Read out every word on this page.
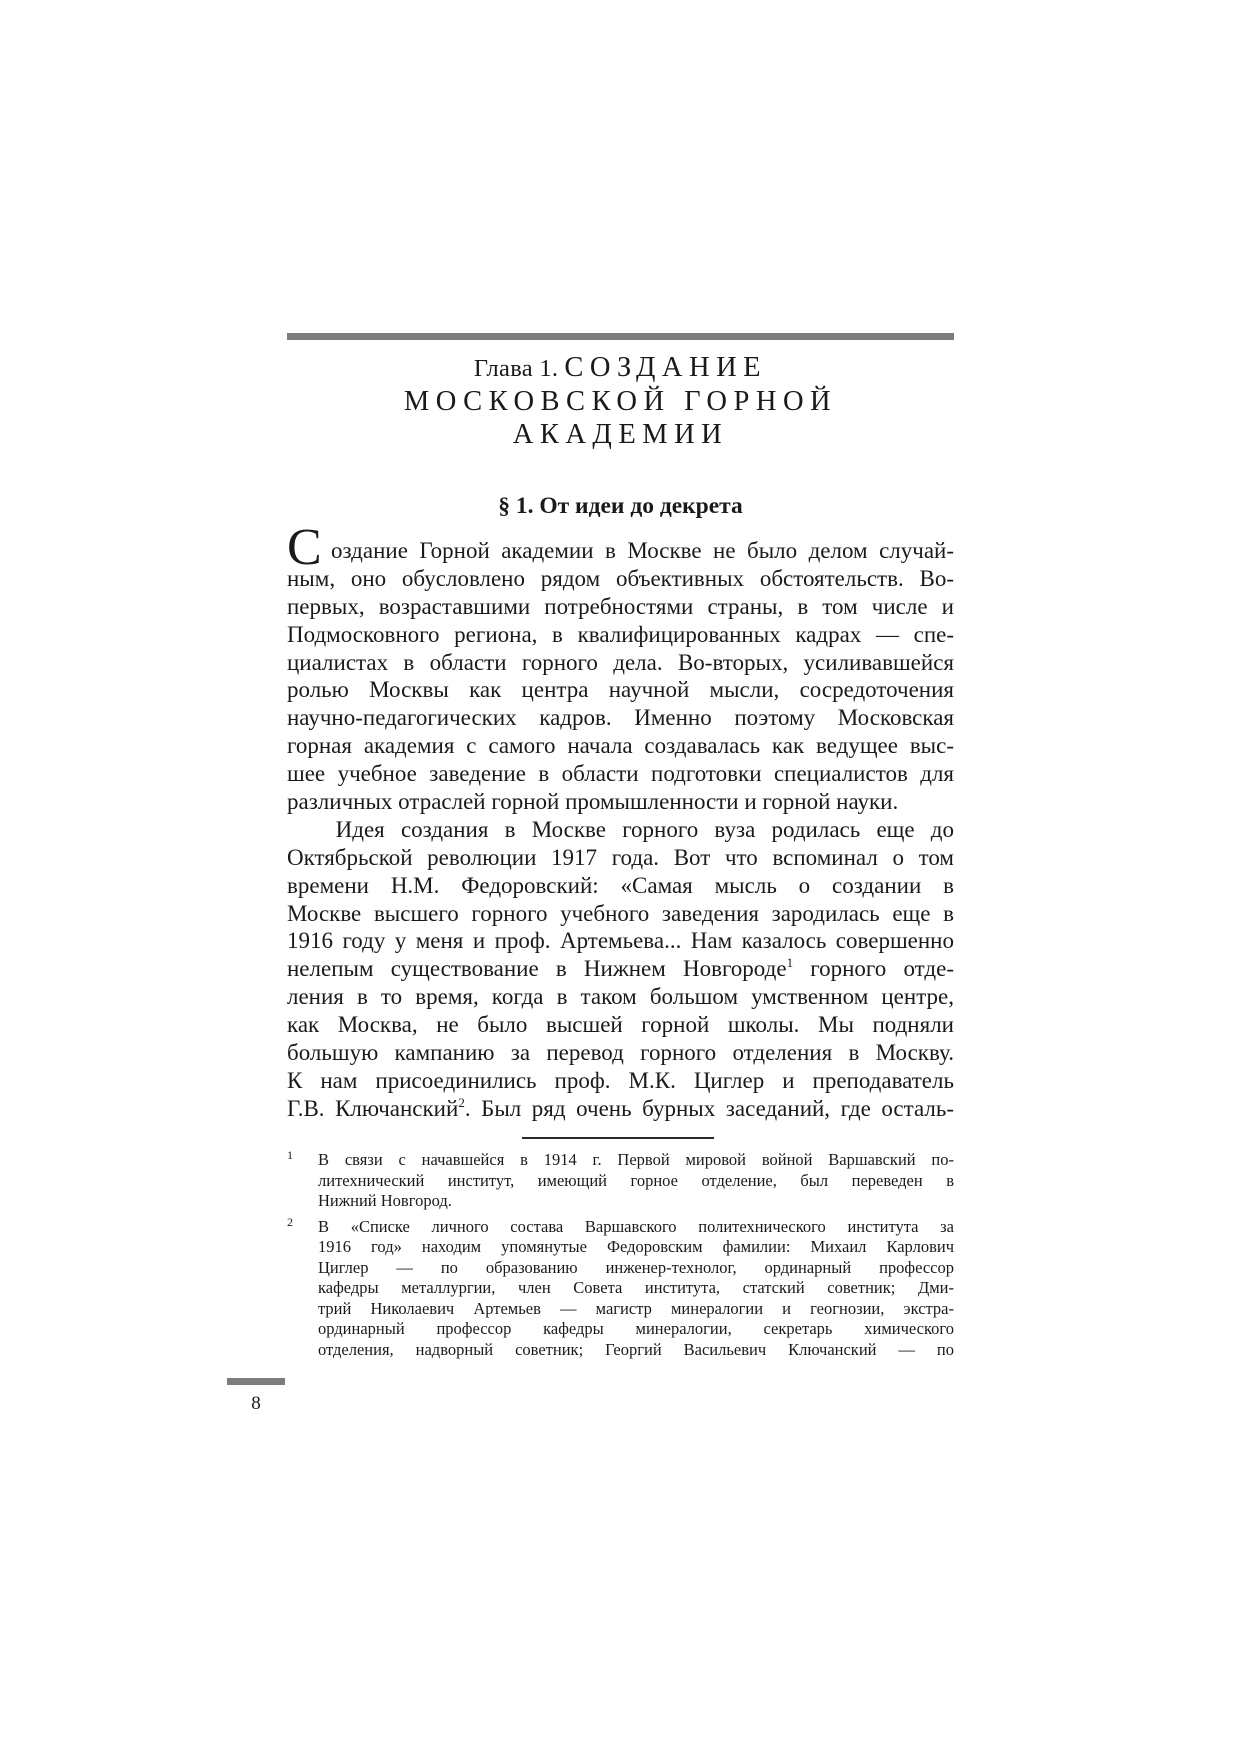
Глава 1. СОЗДАНИЕ
МОСКОВСКОЙ ГОРНОЙ
АКАДЕМИИ
§ 1. От идеи до декрета
С оздание Горной академии в Москве не было делом случай-
ным, оно обусловлено рядом объективных обстоятельств. Во-
первых, возраставшими потребностями страны, в том числе и
Подмосковного региона, в квалифицированных кадрах — спе-
циалистах в области горного дела. Во-вторых, усиливавшейся
ролью Москвы как центра научной мысли, сосредоточения
научно-педагогических кадров. Именно поэтому Московская
горная академия с самого начала создавалась как ведущее выс-
шее учебное заведение в области подготовки специалистов для
различных отраслей горной промышленности и горной науки.
Идея создания в Москве горного вуза родилась еще до
Октябрьской революции 1917 года. Вот что вспоминал о том
времени Н.М. Федоровский: «Самая мысль о создании в
Москве высшего горного учебного заведения зародилась еще в
1916 году у меня и проф. Артемьева... Нам казалось совершенно
нелепым существование в Нижнем Новгороде$^1$ горного отде-
ления в то время, когда в таком большом умственном центре,
как Москва, не было высшей горной школы. Мы подняли
большую кампанию за перевод горного отделения в Москву.
К нам присоединились проф. М.К. Циглер и преподаватель
Г.В. Ключанский$^2$. Был ряд очень бурных заседаний, где осталь-
1 В связи с начавшейся в 1914 г. Первой мировой войной Варшавский по-
литехнический институт, имеющий горное отделение, был переведен в
Нижний Новгород.
2 В «Списке личного состава Варшавского политехнического института за
1916 год» находим упомянутые Федоровским фамилии: Михаил Карлович
Циглер — по образованию инженер-технолог, ординарный профессор
кафедры металлургии, член Совета института, статский советник; Дми-
трий Николаевич Артемьев — магистр минералогии и геогнозии, экстра-
ординарный профессор кафедры минералогии, секретарь химического
отделения, надворный советник; Георгий Васильевич Ключанский — по
8
